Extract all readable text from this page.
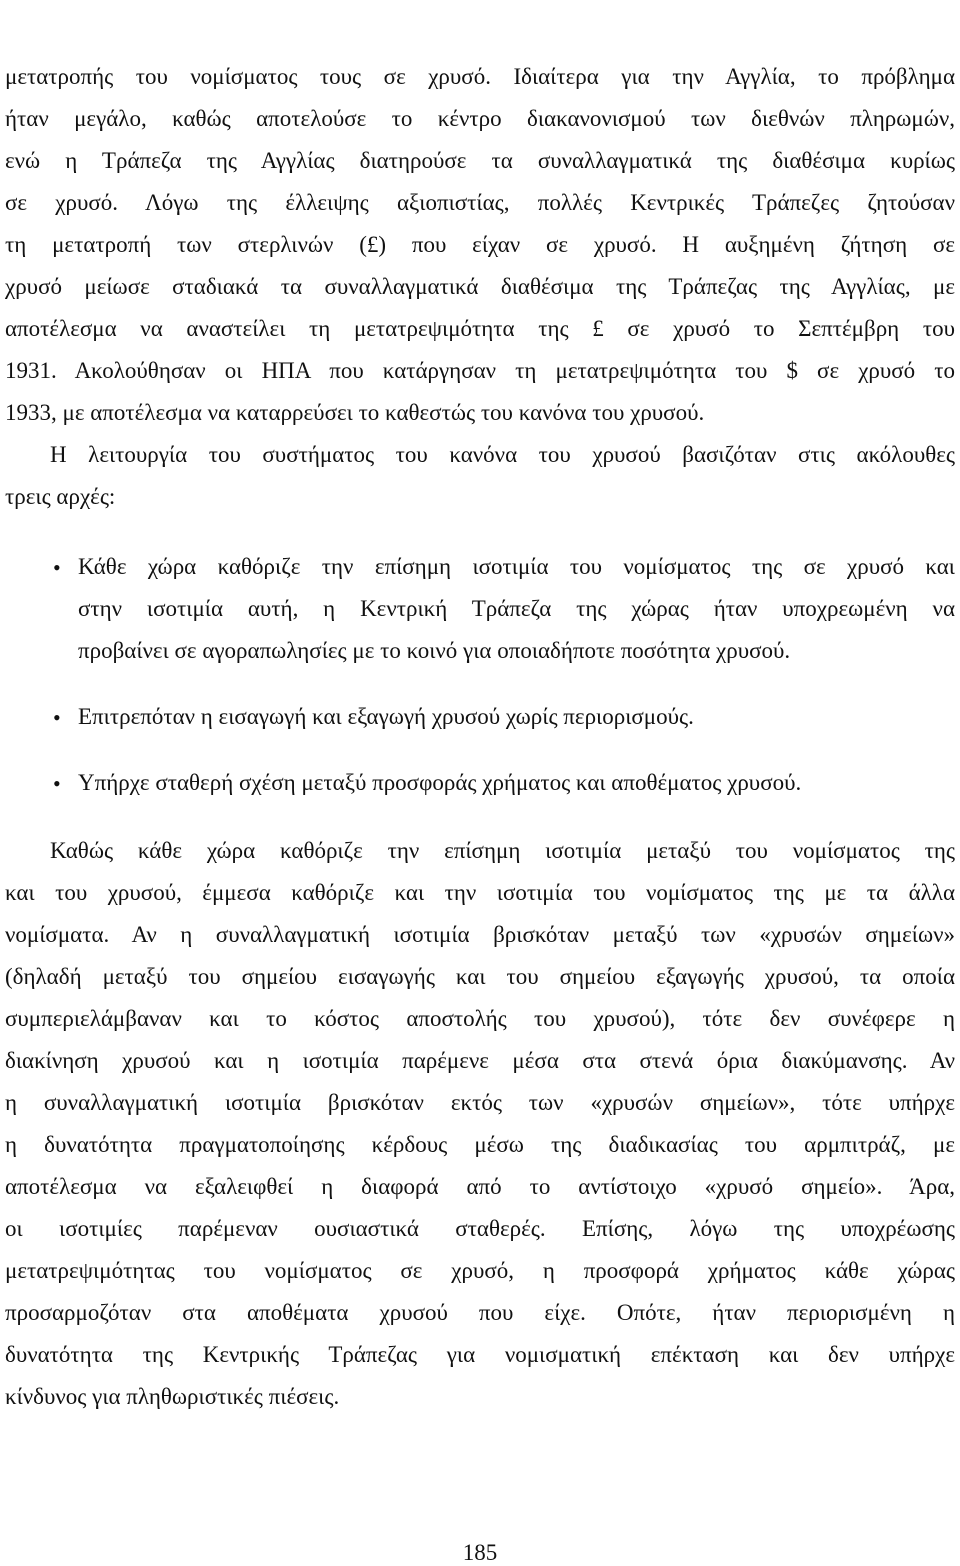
μετατροπής του νομίσματος τους σε χρυσό. Ιδιαίτερα για την Αγγλία, το πρόβλημα
ήταν μεγάλο, καθώς αποτελούσε το κέντρο διακανονισμού των διεθνών πληρωμών,
ενώ η Τράπεζα της Αγγλίας διατηρούσε τα συναλλαγματικά της διαθέσιμα κυρίως
σε χρυσό. Λόγω της έλλειψης αξιοπιστίας, πολλές Κεντρικές Τράπεζες ζητούσαν
τη μετατροπή των στερλινών (£) που είχαν σε χρυσό. Η αυξημένη ζήτηση σε
χρυσό μείωσε σταδιακά τα συναλλαγματικά διαθέσιμα της Τράπεζας της Αγγλίας, με
αποτέλεσμα να αναστείλει τη μετατρεψιμότητα της £ σε χρυσό το Σεπτέμβρη του
1931. Ακολούθησαν οι ΗΠΑ που κατάργησαν τη μετατρεψιμότητα του $ σε χρυσό το
1933, με αποτέλεσμα να καταρρεύσει το καθεστώς του κανόνα του χρυσού.
Η λειτουργία του συστήματος του κανόνα του χρυσού βασιζόταν στις ακόλουθες
τρεις αρχές:
• Κάθε χώρα καθόριζε την επίσημη ισοτιμία του νομίσματος της σε χρυσό και
στην ισοτιμία αυτή, η Κεντρική Τράπεζα της χώρας ήταν υποχρεωμένη να
προβαίνει σε αγοραπωλησίες με το κοινό για οποιαδήποτε ποσότητα χρυσού.
• Επιτρεπόταν η εισαγωγή και εξαγωγή χρυσού χωρίς περιορισμούς.
• Υπήρχε σταθερή σχέση μεταξύ προσφοράς χρήματος και αποθέματος χρυσού.
Καθώς κάθε χώρα καθόριζε την επίσημη ισοτιμία μεταξύ του νομίσματος της
και του χρυσού, έμμεσα καθόριζε και την ισοτιμία του νομίσματος της με τα άλλα
νομίσματα. Αν η συναλλαγματική ισοτιμία βρισκόταν μεταξύ των «χρυσών σημείων»
(δηλαδή μεταξύ του σημείου εισαγωγής και του σημείου εξαγωγής χρυσού, τα οποία
συμπεριελάμβαναν και το κόστος αποστολής του χρυσού), τότε δεν συνέφερε η
διακίνηση χρυσού και η ισοτιμία παρέμενε μέσα στα στενά όρια διακύμανσης. Αν
η συναλλαγματική ισοτιμία βρισκόταν εκτός των «χρυσών σημείων», τότε υπήρχε
η δυνατότητα πραγματοποίησης κέρδους μέσω της διαδικασίας του αρμπιτράζ, με
αποτέλεσμα να εξαλειφθεί η διαφορά από το αντίστοιχο «χρυσό σημείο». Άρα,
οι ισοτιμίες παρέμεναν ουσιαστικά σταθερές. Επίσης, λόγω της υποχρέωσης
μετατρεψιμότητας του νομίσματος σε χρυσό, η προσφορά χρήματος κάθε χώρας
προσαρμοζόταν στα αποθέματα χρυσού που είχε. Οπότε, ήταν περιορισμένη η
δυνατότητα της Κεντρικής Τράπεζας για νομισματική επέκταση και δεν υπήρχε
κίνδυνος για πληθωριστικές πιέσεις.
185
